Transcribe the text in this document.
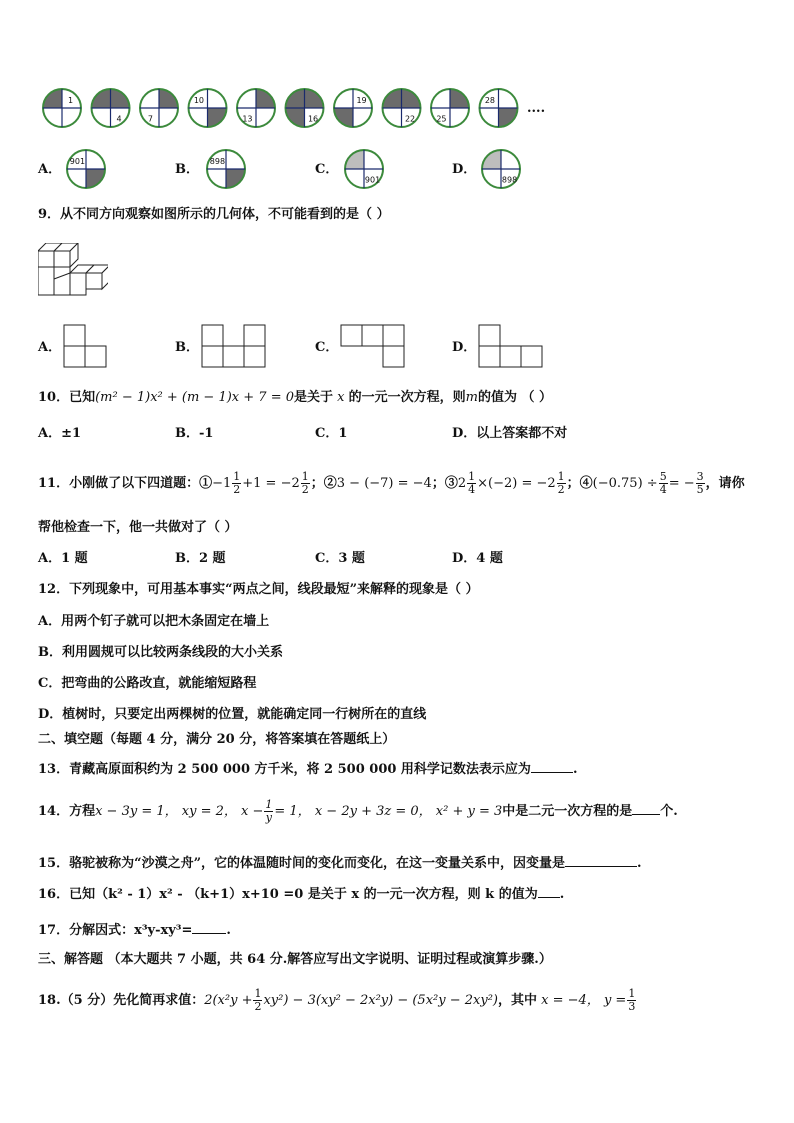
1
4	7
10
13	16
19
22	25
28
....
A．	B．	C．	D．
901	898
901	898
9．从不同方向观察如图所示的几何体，不可能看到的是（ ）
A．	B．	C．	D．
10．已知(m² − 1)x² + (m − 1)x + 7 = 0是关于 x 的一元一次方程，则m的值为 （ ）
A．±1	B．-1	C．1	D．以上答案都不对
11．小刚做了以下四道题：①−1 $\frac{1}{2} +1 = -2 \frac{1}{2}$ ；②3 − (−7) = −4；③2 $\frac{1}{4} \times(-2) = -2 \frac{1}{2}$ ；④(−0.75) ÷ $\frac{5}{4}$ = − $\frac{3}{5}$ ，请你
帮他检查一下，他一共做对了（ ）
A．1 题	B．2 题	C．3 题	D．4 题
12．下列现象中，可用基本事实“两点之间，线段最短”来解释的现象是（ ）
A．用两个钉子就可以把木条固定在墙上
B．利用圆规可以比较两条线段的大小关系
C．把弯曲的公路改直，就能缩短路程
D．植树时，只要定出两棵树的位置，就能确定同一行树所在的直线
二、填空题（每题 4 分，满分 20 分，将答案填在答题纸上）
13．青藏高原面积约为 2 500 000 方千米，将 2 500 000 用科学记数法表示应为	.
14．方程x − 3y = 1， xy = 2， $x - \frac{1}{y} = 1$， x − 2y + 3z = 0， x² + y = 3中是二元一次方程的是 个.
15．骆驼被称为“沙漠之舟”，它的体温随时间的变化而变化，在这一变量关系中，因变量是	.
16．已知（k² - 1）x² - （k+1）x+10 =0 是关于 x 的一元一次方程，则 k 的值为 .
17．分解因式：x³y-xy³=	.
三、解答题 （本大题共 7 小题，共 64 分.解答应写出文字说明、证明过程或演算步骤.）
18.（5 分）先化简再求值：$2(x^2y + \frac{1}{2} xy^2) - 3(xy^2 - 2x^2y) - (5x^2y - 2xy^2)$，其中 x = −4， $y = \frac{1}{3}$
